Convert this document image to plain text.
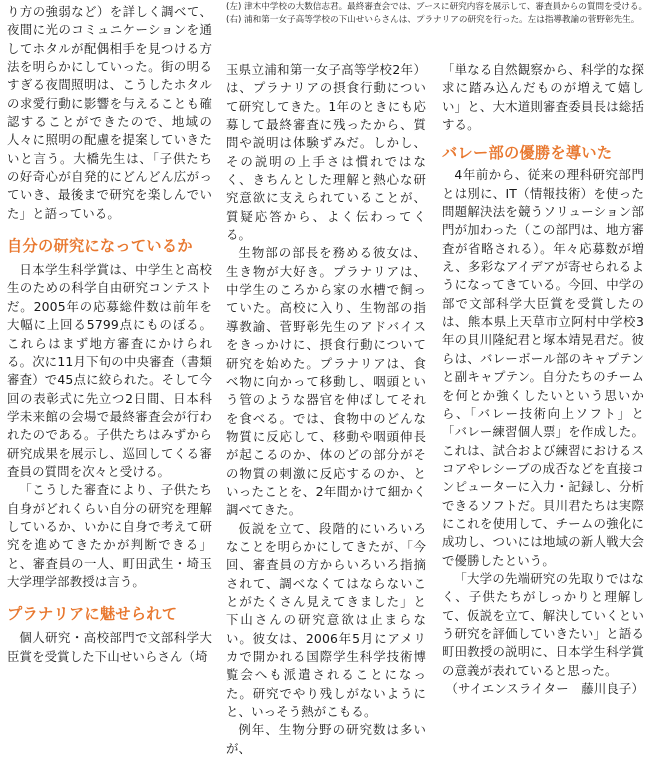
(左) 津木中学校の大数信志君。最終審査会では、ブースに研究内容を展示して、審査員からの質問を受ける。
(右) 浦和第一女子高等学校の下山せいらさんは、プラナリアの研究を行った。左は指導教諭の菅野彰先生。

り方の強弱など）を詳しく調べて、夜間に光のコミュニケーションを通してホタルが配偶相手を見つける方法を明らかにしていった。街の明るすぎる夜間照明は、こうしたホタルの求愛行動に影響を与えることも確認することができたので、地域の人々に照明の配慮を提案していきたいと言う。大橋先生は、「子供たちの好奇心が自発的にどんどん広がっていき、最後まで研究を楽しんでいた」と語っている。

自分の研究になっているか

日本学生科学賞は、中学生と高校生のための科学自由研究コンテストだ。2005年の応募総件数は前年を大幅に上回る5799点にものぼる。これらはまず地方審査にかけられる。次に11月下旬の中央審査（書類審査）で45点に絞られた。そして今回の表彰式に先立つ2日間、日本科学未来館の会場で最終審査会が行われたのである。子供たちはみずから研究成果を展示し、巡回してくる審査員の質問を次々と受ける。

「こうした審査により、子供たち自身がどれくらい自分の研究を理解しているか、いかに自身で考えて研究を進めてきたかが判断できる」と、審査員の一人、町田武生・埼玉大学理学部教授は言う。

プラナリアに魅せられて

個人研究・高校部門で文部科学大臣賞を受賞した下山せいらさん（埼

玉県立浦和第一女子高等学校2年）は、プラナリアの摂食行動について研究してきた。1年のときにも応募して最終審査に残ったから、質問や説明は体験ずみだ。しかし、その説明の上手さは慣れではなく、きちんとした理解と熱心な研究意欲に支えられていることが、質疑応答から、よく伝わってくる。

生物部の部長を務める彼女は、生き物が大好き。プラナリアは、中学生のころから家の水槽で飼っていた。高校に入り、生物部の指導教諭、菅野彰先生のアドバイスをきっかけに、摂食行動について研究を始めた。プラナリアは、食べ物に向かって移動し、咽頭という管のような器官を伸ばしてそれを食べる。では、食物中のどんな物質に反応して、移動や咽頭伸長が起こるのか、体のどの部分がその物質の刺激に反応するのか、といったことを、2年間かけて細かく調べてきた。

仮説を立て、段階的にいろいろなことを明らかにしてきたが、「今回、審査員の方からいろいろ指摘されて、調べなくてはならないことがたくさん見えてきました」と下山さんの研究意欲は止まらない。彼女は、2006年5月にアメリカで開かれる国際学生科学技術博覧会へも派遣されることになった。研究でやり残しがないようにと、いっそう熱がこもる。

例年、生物分野の研究数は多いが、

「単なる自然観察から、科学的な探求に踏み込んだものが増えて嬉しい」と、大木道則審査委員長は総括する。

バレー部の優勝を導いた

4年前から、従来の理科研究部門とは別に、IT（情報技術）を使った問題解決法を競うソリューション部門が加わった（この部門は、地方審査が省略される）。年々応募数が増え、多彩なアイデアが寄せられるようになってきている。今回、中学の部で文部科学大臣賞を受賞したのは、熊本県上天草市立阿村中学校3年の貝川隆紀君と塚本靖晃君だ。彼らは、バレーボール部のキャプテンと副キャプテン。自分たちのチームを何とか強くしたいという思いから、「バレー技術向上ソフト」と「バレー練習個人票」を作成した。これは、試合および練習におけるスコアやレシーブの成否などを直接コンピューターに入力・記録し、分析できるソフトだ。貝川君たちは実際にこれを使用して、チームの強化に成功し、ついには地域の新人戦大会で優勝したという。

「大学の先端研究の先取りではなく、子供たちがしっかりと理解して、仮説を立て、解決していくという研究を評価していきたい」と語る町田教授の説明に、日本学生科学賞の意義が表れていると思った。

（サイエンスライター　藤川良子）
